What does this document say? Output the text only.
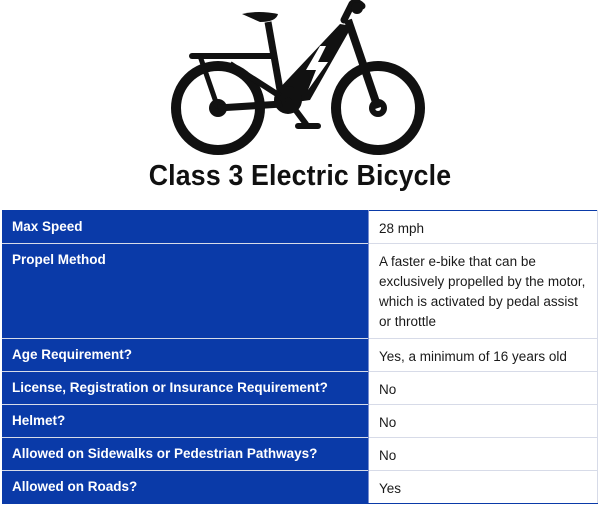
Class 3 Electric Bicycle
Max Speed	28 mph
Propel Method	A faster e-bike that can be exclusively propelled by the motor, which is activated by pedal assist or throttle
Age Requirement?	Yes, a minimum of 16 years old
License, Registration or Insurance Requirement?	No
Helmet?	No
Allowed on Sidewalks or Pedestrian Pathways?	No
Allowed on Roads?	Yes
